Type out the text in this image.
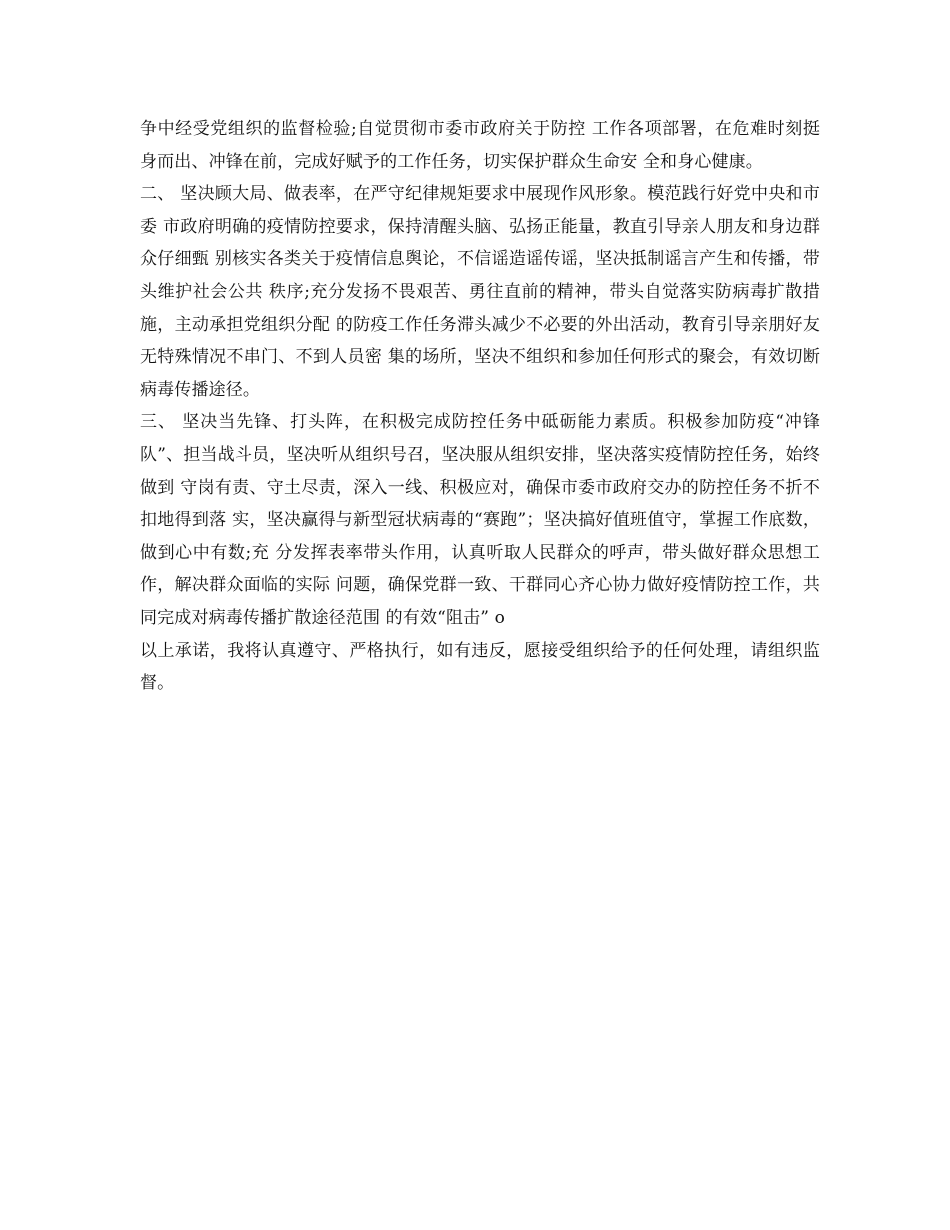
争中经受党组织的监督检验;自觉贯彻市委市政府关于防控 工作各项部署，在危难时刻挺身而出、冲锋在前，完成好赋予的工作任务，切实保护群众生命安 全和身心健康。

二、 坚决顾大局、做表率，在严守纪律规矩要求中展现作风形象。模范践行好党中央和市委 市政府明确的疫情防控要求，保持清醒头脑、弘扬正能量，教直引导亲人朋友和身边群众仔细甄 别核实各类关于疫情信息舆论，不信谣造谣传谣，坚决抵制谣言产生和传播，带头维护社会公共 秩序;充分发扬不畏艰苦、勇往直前的精神，带头自觉落实防病毒扩散措施，主动承担党组织分配 的防疫工作任务滞头减少不必要的外出活动，教育引导亲朋好友无特殊情况不串门、不到人员密 集的场所，坚决不组织和参加任何形式的聚会，有效切断病毒传播途径。

三、 坚决当先锋、打头阵，在积极完成防控任务中砥砺能力素质。积极参加防疫“冲锋 队”、担当战斗员，坚决听从组织号召，坚决服从组织安排，坚决落实疫情防控任务，始终做到 守岗有责、守土尽责，深入一线、积极应对，确保市委市政府交办的防控任务不折不扣地得到落 实，坚决赢得与新型冠状病毒的“赛跑”；坚决搞好值班值守，掌握工作底数，做到心中有数;充 分发挥表率带头作用，认真听取人民群众的呼声，带头做好群众思想工作，解决群众面临的实际 问题，确保党群一致、干群同心齐心协力做好疫情防控工作，共同完成对病毒传播扩散途径范围 的有效“阻击” o

以上承诺，我将认真遵守、严格执行，如有违反，愿接受组织给予的任何处理，请组织监 督。
